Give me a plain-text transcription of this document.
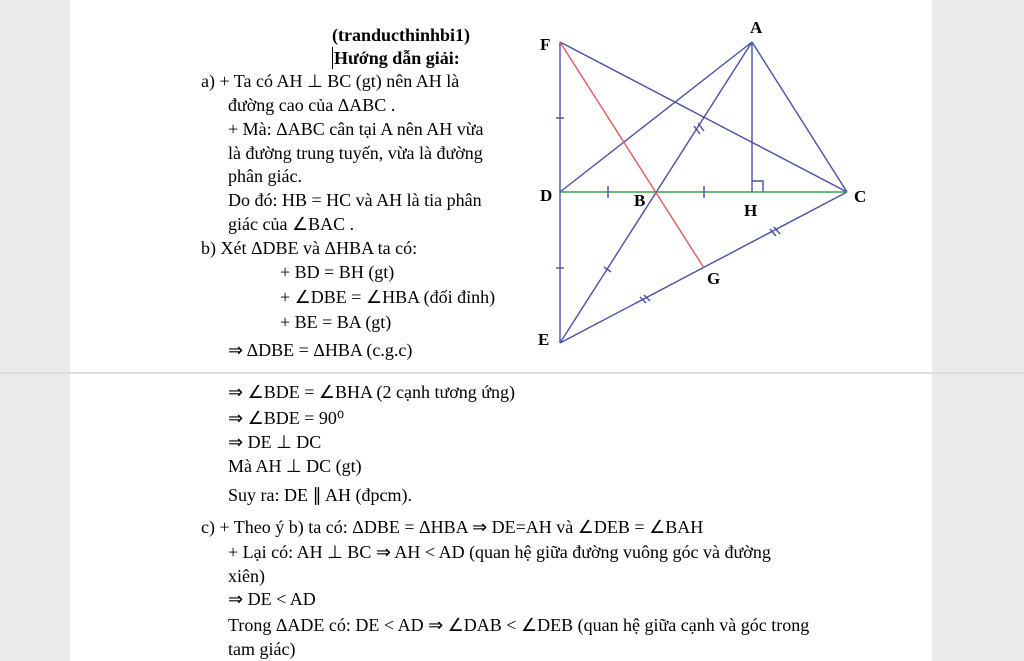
(tranducthinhbi1)
Hướng dẫn giải:
a) + Ta có AH ⊥ BC (gt) nên AH là
đường cao của ΔABC .
+ Mà: ΔABC cân tại A nên AH vừa
là đường trung tuyến, vừa là đường
phân giác.
Do đó: HB = HC và AH là tia phân
giác của ∠BAC .
b) Xét ΔDBE và ΔHBA ta có:
+ BD = BH (gt)
+ ∠DBE = ∠HBA (đối đỉnh)
+ BE = BA (gt)
⇒ ΔDBE = ΔHBA (c.g.c)
⇒ ∠BDE = ∠BHA (2 cạnh tương ứng)
⇒ ∠BDE = 90⁰
⇒ DE ⊥ DC
Mà AH ⊥ DC (gt)
Suy ra: DE ∥ AH (đpcm).
c) + Theo ý b) ta có: ΔDBE = ΔHBA ⇒ DE=AH và ∠DEB = ∠BAH
+ Lại có: AH ⊥ BC ⇒ AH < AD (quan hệ giữa đường vuông góc và đường
xiên)
⇒ DE < AD
Trong ΔADE có: DE < AD ⇒ ∠DAB < ∠DEB (quan hệ giữa cạnh và góc trong
tam giác)
A
F
D	B
H
C
G
E
